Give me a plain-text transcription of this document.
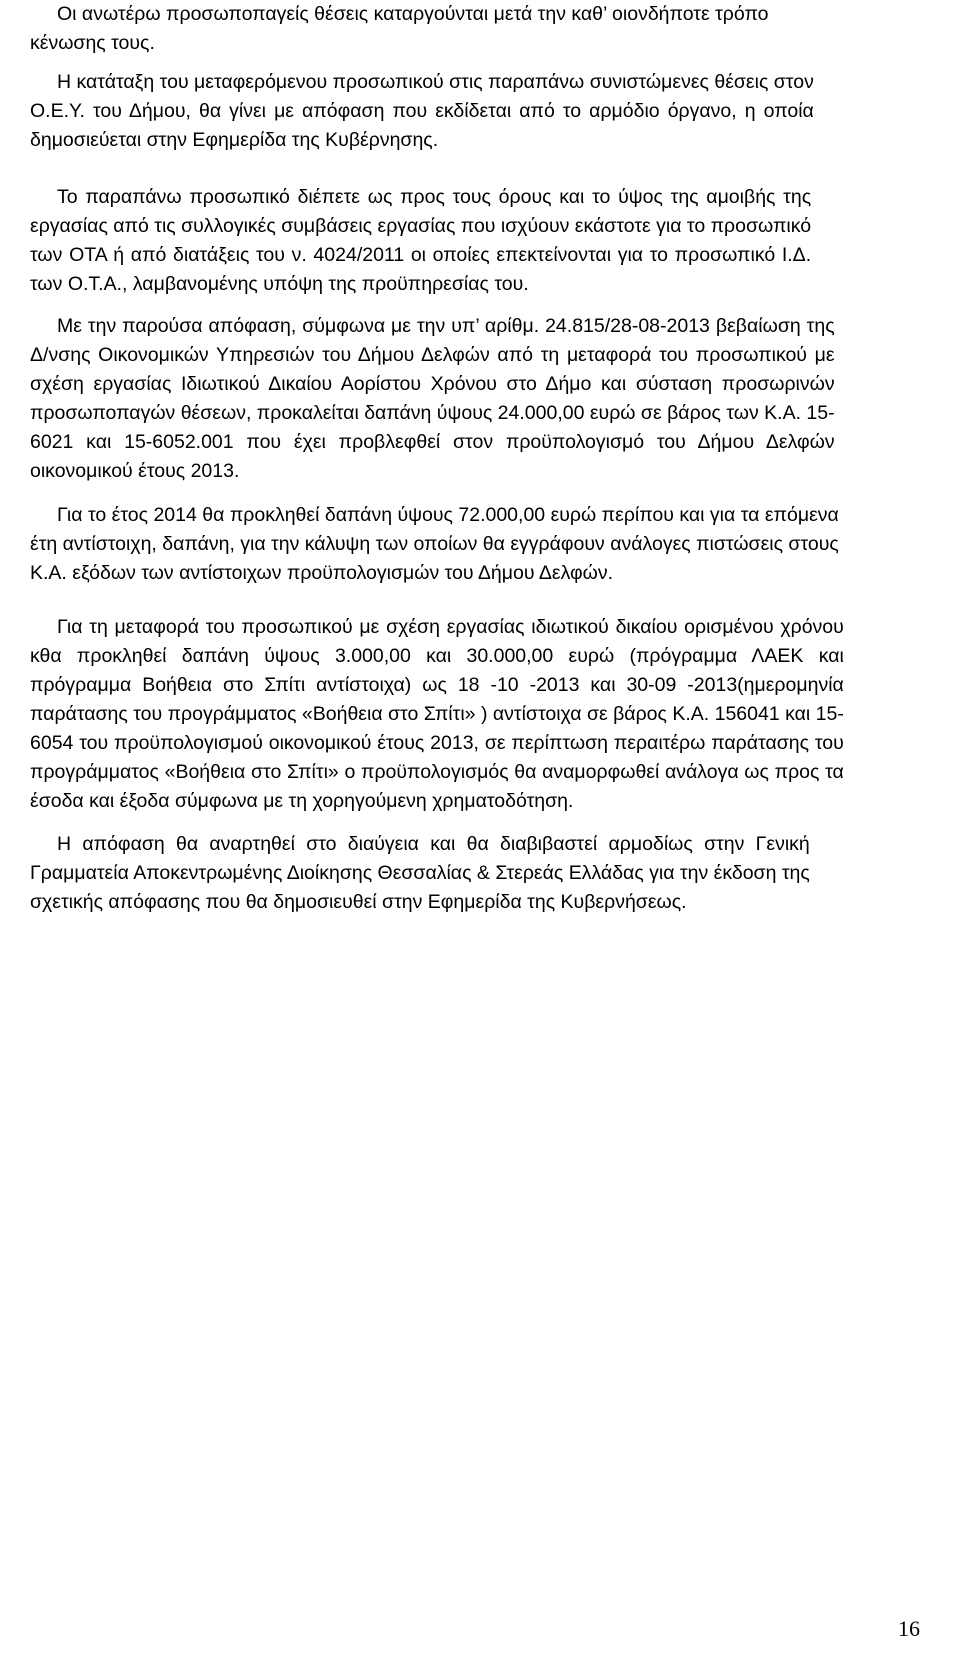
Οι ανωτέρω προσωποπαγείς θέσεις καταργούνται μετά την καθ’ οιονδήποτε τρόπο
κένωσης τους.
Η κατάταξη του μεταφερόμενου προσωπικού στις παραπάνω συνιστώμενες θέσεις στον
Ο.Ε.Υ. του Δήμου, θα γίνει με απόφαση που εκδίδεται από το αρμόδιο όργανο, η οποία
δημοσιεύεται στην Εφημερίδα της Κυβέρνησης.
Το παραπάνω προσωπικό διέπετε ως προς τους όρους και το ύψος της αμοιβής της
εργασίας από τις συλλογικές συμβάσεις εργασίας που ισχύουν εκάστοτε για το προσωπικό
των ΟΤΑ ή από διατάξεις του ν. 4024/2011 οι οποίες επεκτείνονται για το προσωπικό Ι.Δ.
των Ο.Τ.Α., λαμβανομένης υπόψη της προϋπηρεσίας του.
Με την παρούσα απόφαση, σύμφωνα με την υπ’ αρίθμ. 24.815/28-08-2013 βεβαίωση της
Δ/νσης Οικονομικών Υπηρεσιών του Δήμου Δελφών από τη μεταφορά του προσωπικού με
σχέση εργασίας Ιδιωτικού Δικαίου Αορίστου Χρόνου στο Δήμο και σύσταση προσωρινών
προσωποπαγών θέσεων, προκαλείται δαπάνη ύψους 24.000,00 ευρώ σε βάρος των Κ.Α. 15-
6021 και 15-6052.001 που έχει προβλεφθεί στον προϋπολογισμό του Δήμου Δελφών
οικονομικού έτους 2013.
Για το έτος 2014 θα προκληθεί δαπάνη ύψους 72.000,00 ευρώ περίπου και για τα επόμενα
έτη αντίστοιχη, δαπάνη, για την κάλυψη των οποίων θα εγγράφουν ανάλογες πιστώσεις στους
Κ.Α. εξόδων των αντίστοιχων προϋπολογισμών του Δήμου Δελφών.
Για τη μεταφορά του προσωπικού με σχέση εργασίας ιδιωτικού δικαίου ορισμένου χρόνου
κθα προκληθεί δαπάνη ύψους 3.000,00 και 30.000,00 ευρώ (πρόγραμμα ΛΑΕΚ και
πρόγραμμα Βοήθεια στο Σπίτι αντίστοιχα) ως 18 -10 -2013 και 30-09 -2013(ημερομηνία
παράτασης του προγράμματος «Βοήθεια στο Σπίτι» ) αντίστοιχα σε βάρος Κ.Α. 156041 και 15-
6054 του προϋπολογισμού οικονομικού έτους 2013, σε περίπτωση περαιτέρω παράτασης του
προγράμματος «Βοήθεια στο Σπίτι» ο προϋπολογισμός θα αναμορφωθεί ανάλογα ως προς τα
έσοδα και έξοδα σύμφωνα με τη χορηγούμενη χρηματοδότηση.
Η απόφαση θα αναρτηθεί στο διαύγεια και θα διαβιβαστεί αρμοδίως στην Γενική
Γραμματεία Αποκεντρωμένης Διοίκησης Θεσσαλίας & Στερεάς Ελλάδας για την έκδοση της
σχετικής απόφασης που θα δημοσιευθεί στην Εφημερίδα της Κυβερνήσεως.
16
